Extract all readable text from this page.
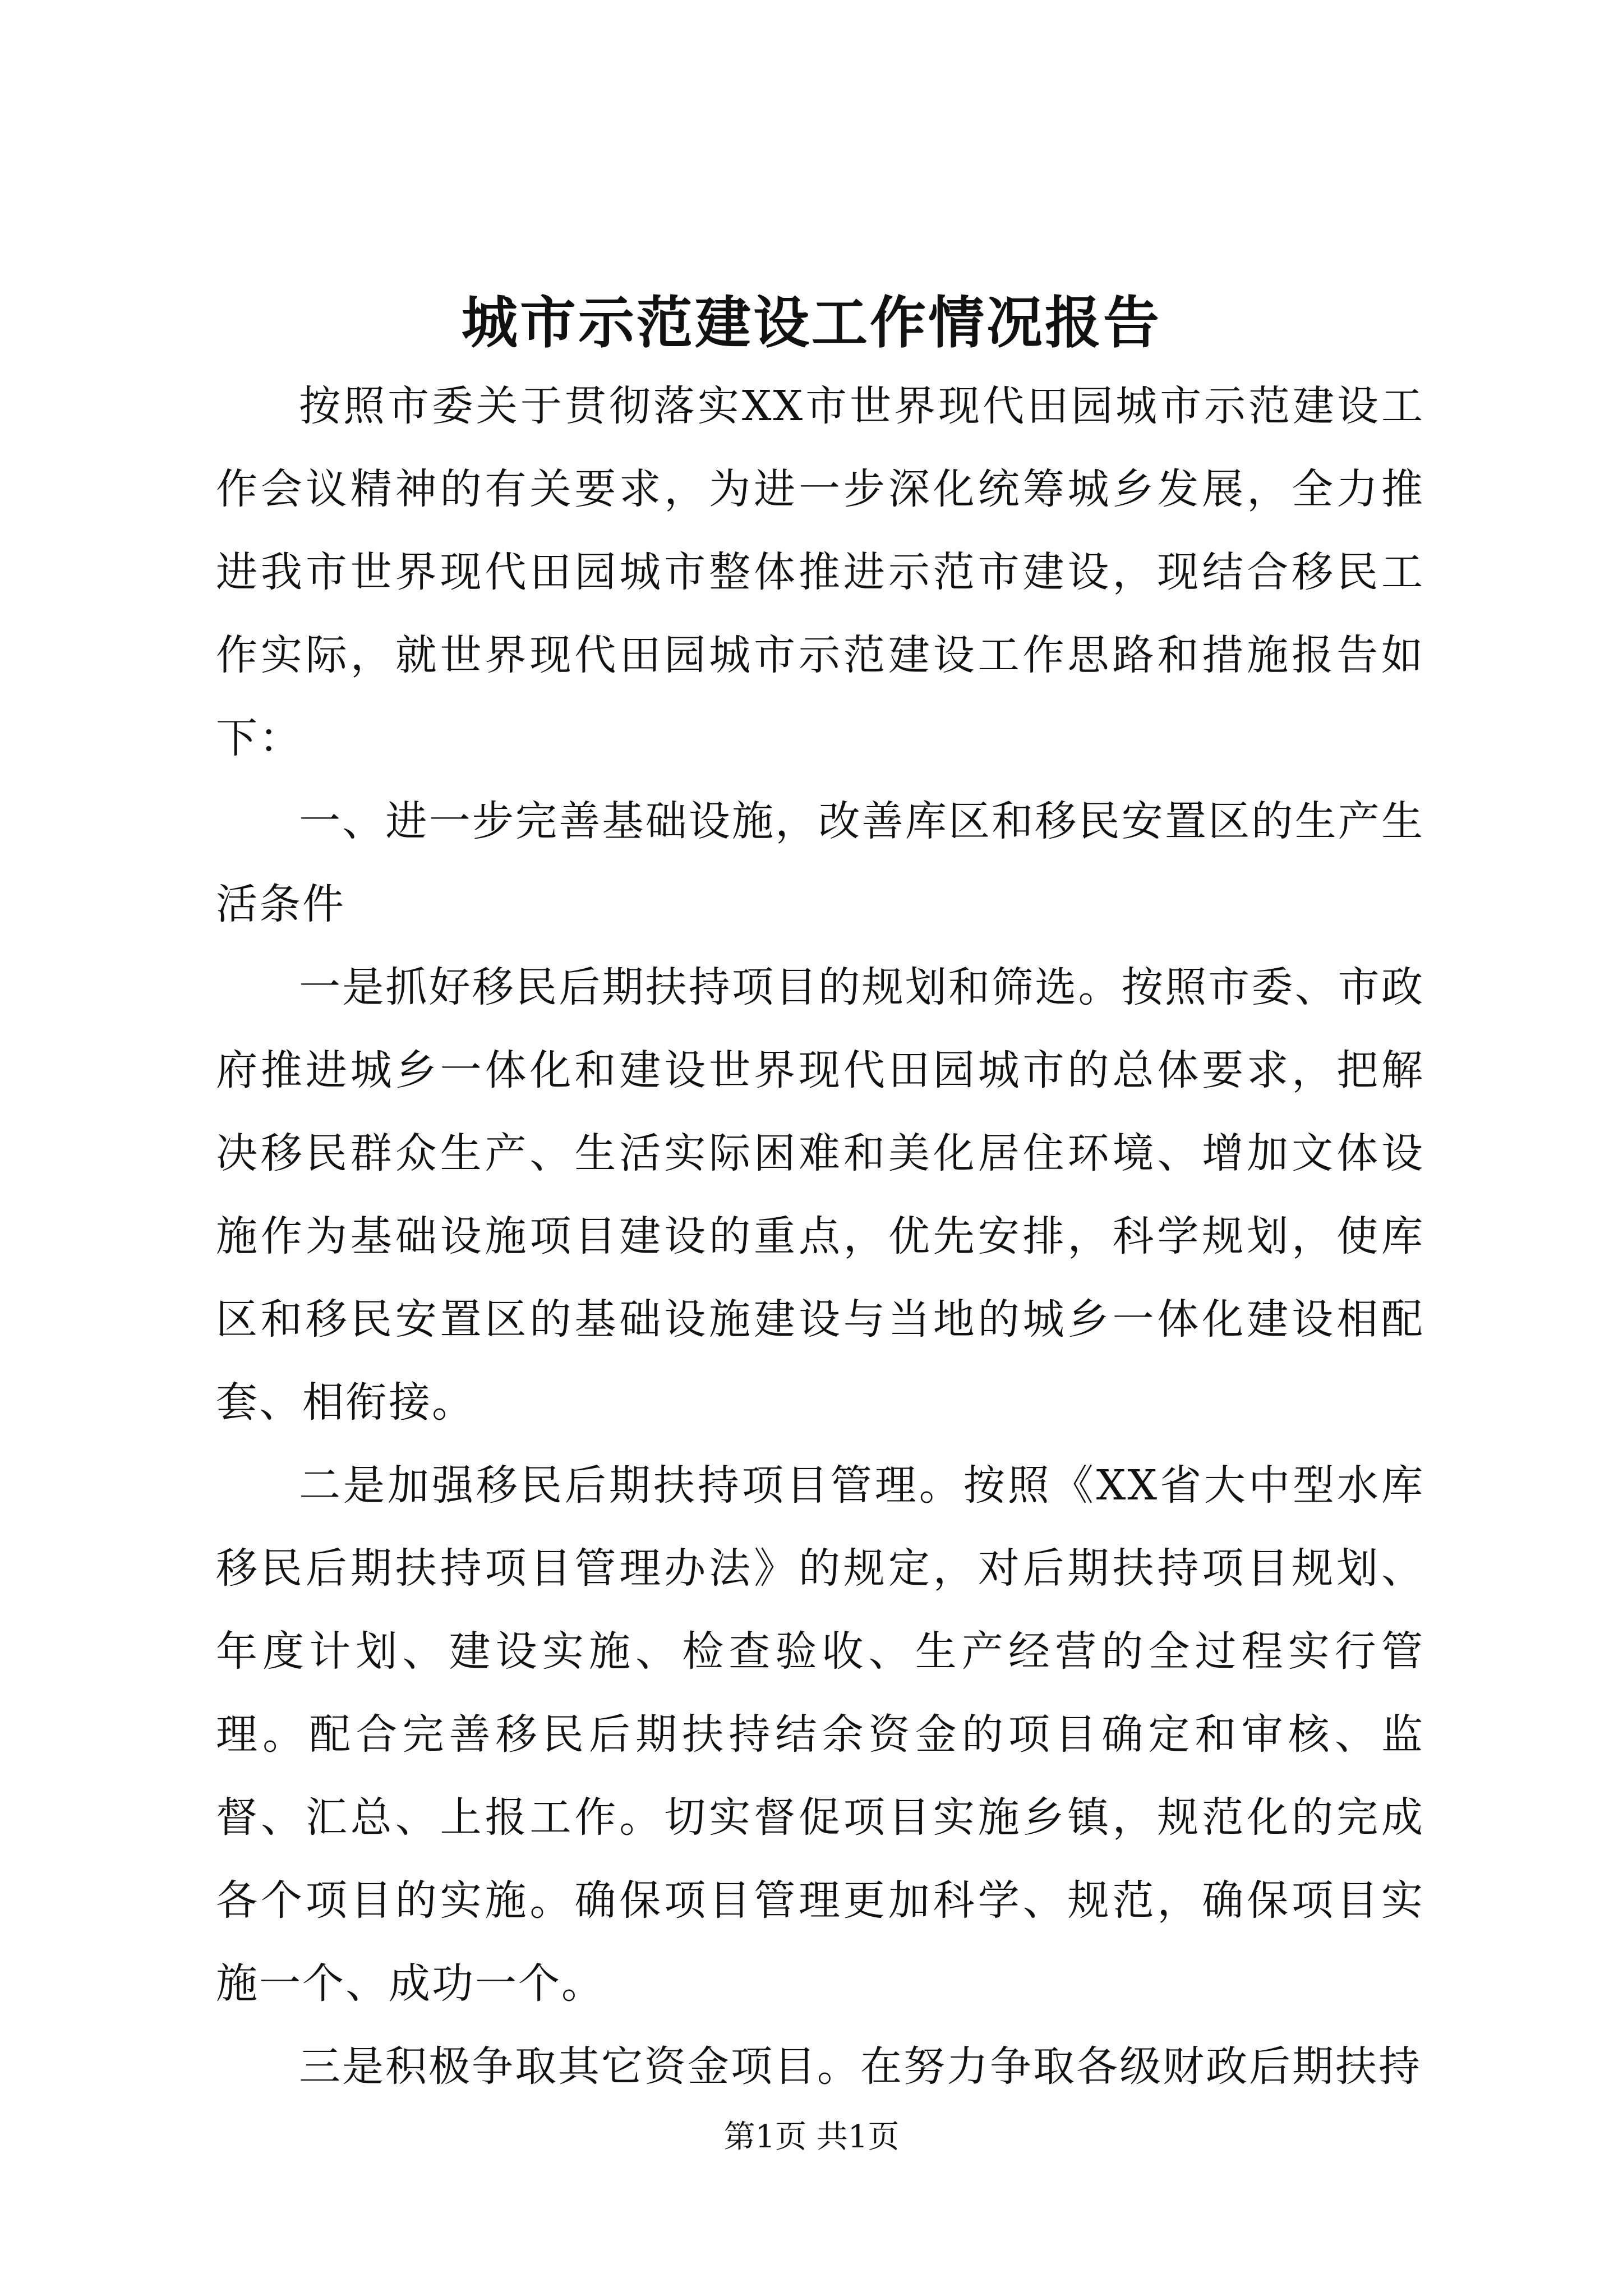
城市示范建设工作情况报告

按照市委关于贯彻落实XX市世界现代田园城市示范建设工作会议精神的有关要求，为进一步深化统筹城乡发展，全力推进我市世界现代田园城市整体推进示范市建设，现结合移民工作实际，就世界现代田园城市示范建设工作思路和措施报告如下：

一、进一步完善基础设施，改善库区和移民安置区的生产生活条件

一是抓好移民后期扶持项目的规划和筛选。按照市委、市政府推进城乡一体化和建设世界现代田园城市的总体要求，把解决移民群众生产、生活实际困难和美化居住环境、增加文体设施作为基础设施项目建设的重点，优先安排，科学规划，使库区和移民安置区的基础设施建设与当地的城乡一体化建设相配套、相衔接。

二是加强移民后期扶持项目管理。按照《XX省大中型水库移民后期扶持项目管理办法》的规定，对后期扶持项目规划、年度计划、建设实施、检查验收、生产经营的全过程实行管理。配合完善移民后期扶持结余资金的项目确定和审核、监督、汇总、上报工作。切实督促项目实施乡镇，规范化的完成各个项目的实施。确保项目管理更加科学、规范，确保项目实施一个、成功一个。

三是积极争取其它资金项目。在努力争取各级财政后期扶持

第1页 共1页
